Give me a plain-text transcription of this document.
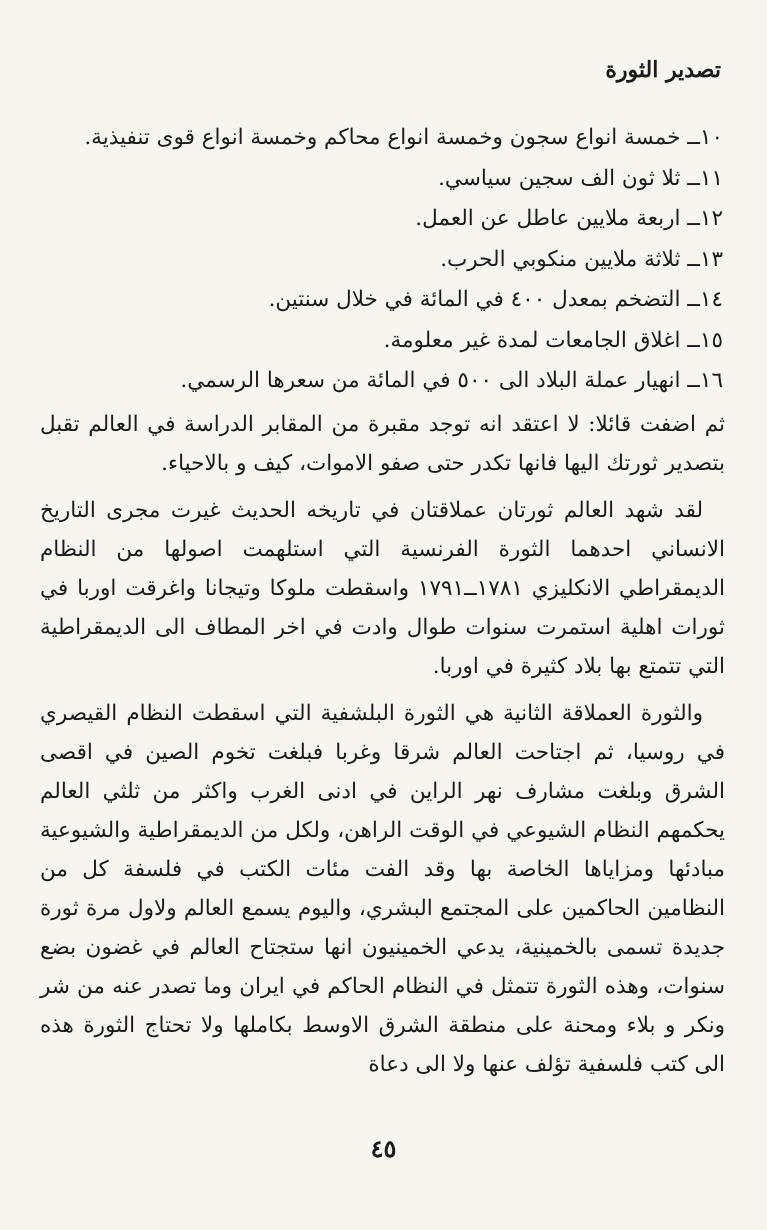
تصدير الثورة
١٠ــ خمسة انواع سجون وخمسة انواع محاكم وخمسة انواع قوى تنفيذية.
١١ــ ثلا ثون الف سجين سياسي.
١٢ــ اربعة ملايين عاطل عن العمل.
١٣ــ ثلاثة ملايين منكوبي الحرب.
١٤ــ التضخم بمعدل ٤٠٠ في المائة في خلال سنتين.
١٥ــ اغلاق الجامعات لمدة غير معلومة.
١٦ــ انهيار عملة البلاد الى ٥٠٠ في المائة من سعرها الرسمي.

ثم اضفت قائلا: لا اعتقد انه توجد مقبرة من المقابر الدراسة في العالم تقبل بتصدير ثورتك اليها فانها تكدر حتى صفو الاموات، كيف و بالاحياء.

لقد شهد العالم ثورتان عملاقتان في تاريخه الحديث غيرت مجرى التاريخ الانساني احدهما الثورة الفرنسية التي استلهمت اصولها من النظام الديمقراطي الانكليزي ١٧٨١ــ١٧٩١ واسقطت ملوكا وتيجانا واغرقت اوربا في ثورات اهلية استمرت سنوات طوال وادت في اخر المطاف الى الديمقراطية التي تتمتع بها بلاد كثيرة في اوربا.

والثورة العملاقة الثانية هي الثورة البلشفية التي اسقطت النظام القيصري في روسيا، ثم اجتاحت العالم شرقا وغربا فبلغت تخوم الصين في اقصى الشرق وبلغت مشارف نهر الراين في ادنى الغرب واكثر من ثلثي العالم يحكمهم النظام الشيوعي في الوقت الراهن، ولكل من الديمقراطية والشيوعية مبادئها ومزاياها الخاصة بها وقد الفت مئات الكتب في فلسفة كل من النظامين الحاكمين على المجتمع البشري، واليوم يسمع العالم ولاول مرة ثورة جديدة تسمى بالخمينية، يدعي الخمينيون انها ستجتاح العالم في غضون بضع سنوات، وهذه الثورة تتمثل في النظام الحاكم في ايران وما تصدر عنه من شر ونكر و بلاء ومحنة على منطقة الشرق الاوسط بكاملها ولا تحتاج الثورة هذه الى كتب فلسفية تؤلف عنها ولا الى دعاة

٤٥
